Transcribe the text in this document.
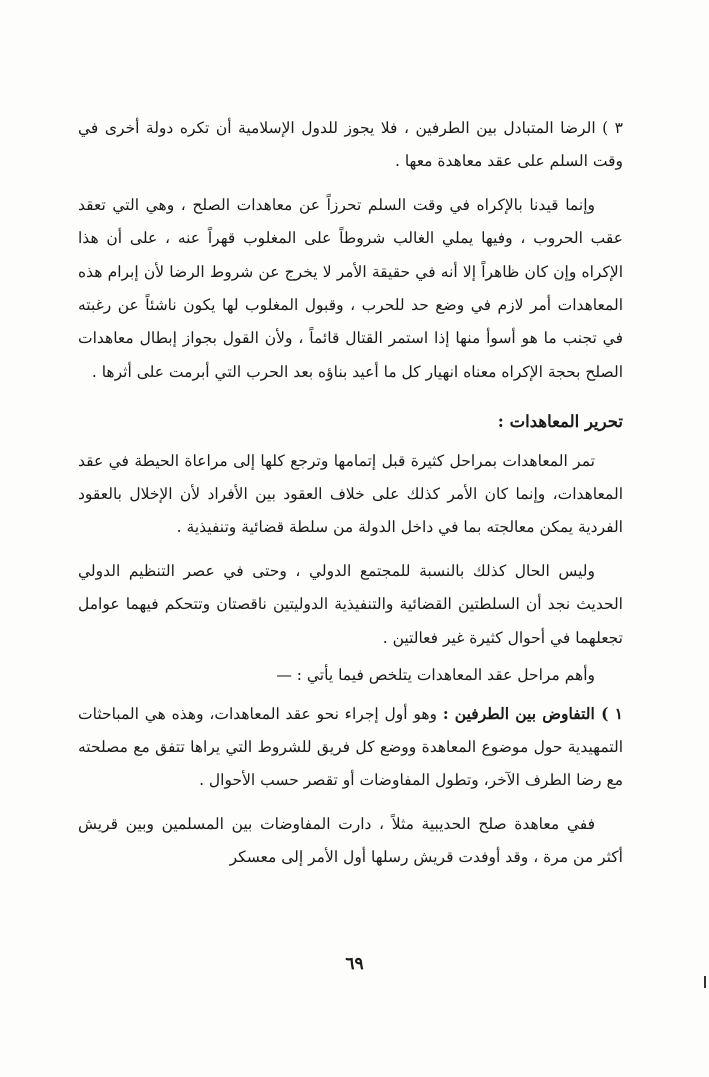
٣ ) الرضا المتبادل بين الطرفين ، فلا يجوز للدول الإسلامية أن تكره دولة أخرى في وقت السلم على عقد معاهدة معها .

وإنما قيدنا بالإكراه في وقت السلم تحرزاً عن معاهدات الصلح ، وهي التي تعقد عقب الحروب ، وفيها يملي الغالب شروطاً على المغلوب قهراً عنه ، على أن هذا الإكراه وإن كان ظاهراً إلا أنه في حقيقة الأمر لا يخرج عن شروط الرضا لأن إبرام هذه المعاهدات أمر لازم في وضع حد للحرب ، وقبول المغلوب لها يكون ناشئاً عن رغبته في تجنب ما هو أسوأ منها إذا استمر القتال قائماً ، ولأن القول بجواز إبطال معاهدات الصلح بحجة الإكراه معناه انهيار كل ما أعيد بناؤه بعد الحرب التي أبرمت على أثرها .

تحرير المعاهدات :

تمر المعاهدات بمراحل كثيرة قبل إتمامها وترجع كلها إلى مراعاة الحيطة في عقد المعاهدات، وإنما كان الأمر كذلك على خلاف العقود بين الأفراد لأن الإخلال بالعقود الفردية يمكن معالجته بما في داخل الدولة من سلطة قضائية وتنفيذية .

وليس الحال كذلك بالنسبة للمجتمع الدولي ، وحتى في عصر التنظيم الدولي الحديث نجد أن السلطتين القضائية والتنفيذية الدوليتين ناقصتان وتتحكم فيهما عوامل تجعلهما في أحوال كثيرة غير فعالتين .

وأهم مراحل عقد المعاهدات يتلخص فيما يأتي : —

١ ) التفاوض بين الطرفين : وهو أول إجراء نحو عقد المعاهدات، وهذه هي المباحثات التمهيدية حول موضوع المعاهدة ووضع كل فريق للشروط التي يراها تتفق مع مصلحته مع رضا الطرف الآخر، وتطول المفاوضات أو تقصر حسب الأحوال .

ففي معاهدة صلح الحديبية مثلاً ، دارت المفاوضات بين المسلمين وبين قريش أكثر من مرة ، وقد أوفدت قريش رسلها أول الأمر إلى معسكر

٦٩
